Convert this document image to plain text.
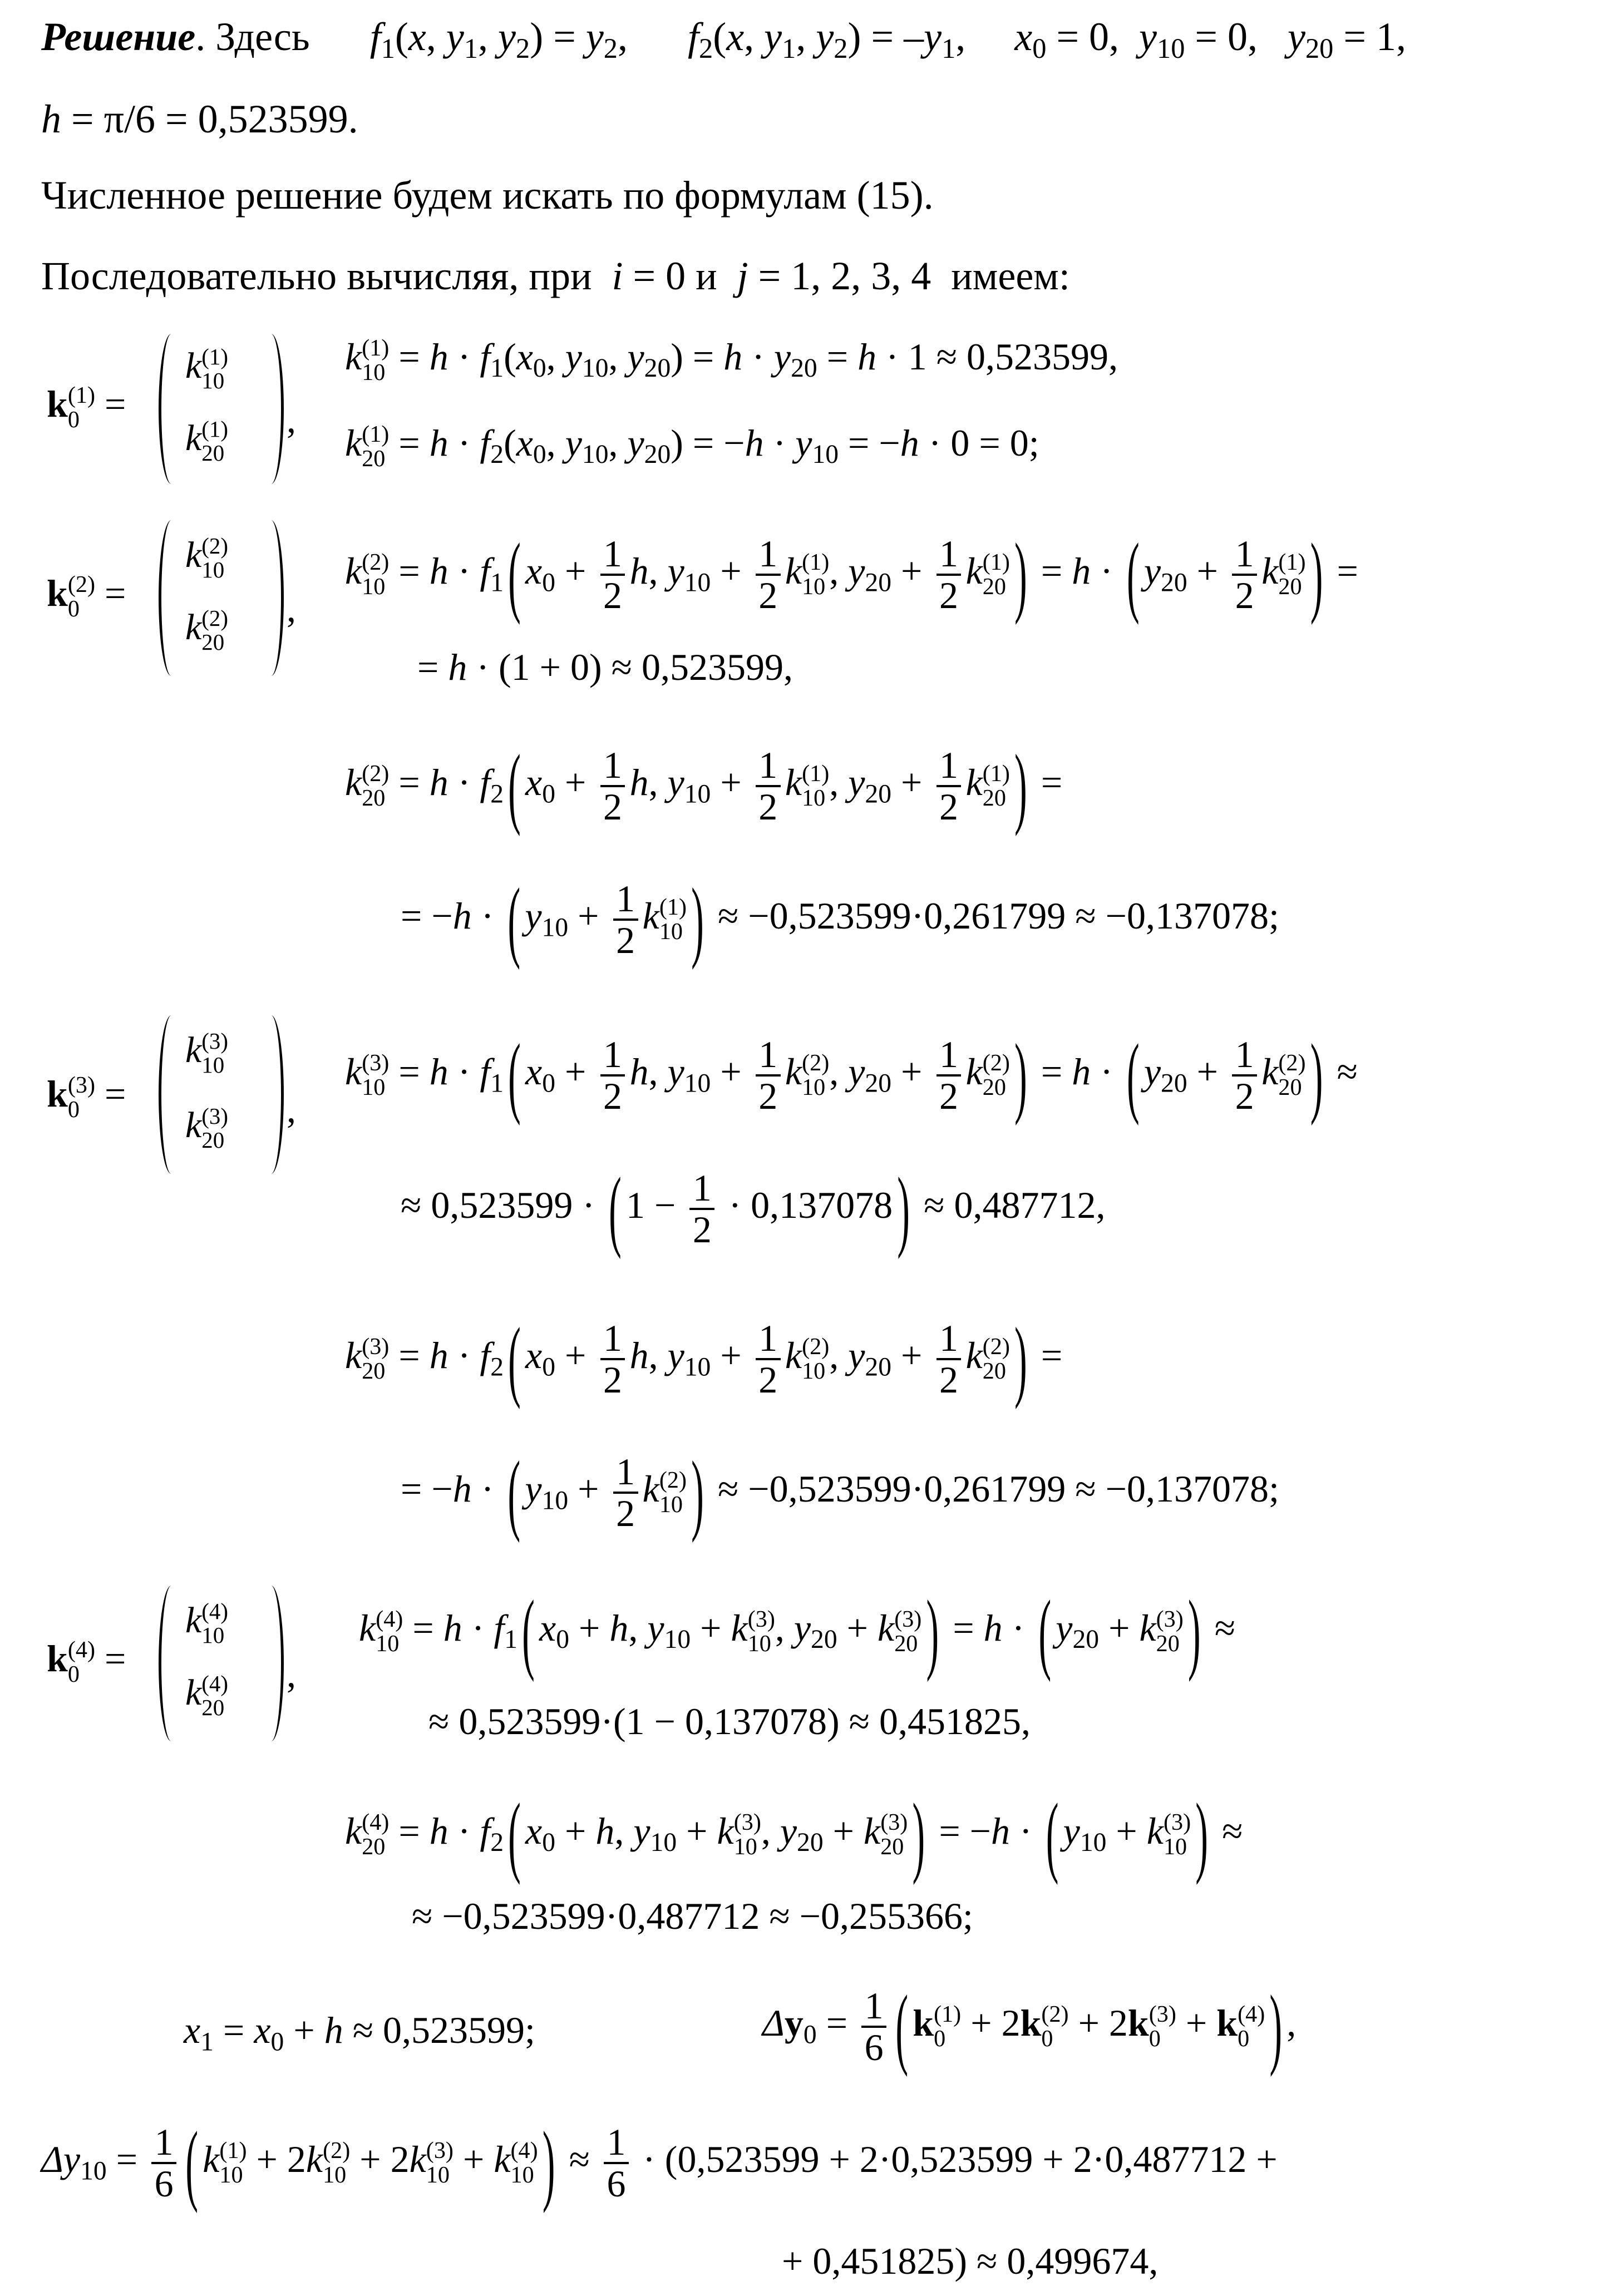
Решение. Здесь $f_1(x$, $y_1$, $y_2) = y_2$, $f_2(x$, $y_1$, $y_2) = -y_1$, $x_0 = 0$,  $y_{10} = 0$,   $y_{20} = 1$,
h = π/6 = 0,523599.
Численное решение будем искать по формулам (15).
Последовательно вычисляя, при i = 0 и  j = 1, 2, 3, 4  имеем:
k (1)
0 =
k (1)
10
k (1)
20
,
k (1)
$10 = h \cdot f_1(x_0$, $y_{10}$, $y_{20}) = h \cdot y_{20} = h \cdot 1 \approx 0,523599$,
k (1)
$20 = h \cdot f_2(x_0$, $y_{10}$, $y_{20}) = -h \cdot y_{10} = -h \cdot 0 = 0$;
k (2)
0 =
k (2)
10
k (2)
20
,
k (2)
$10 = h \cdot f_1$ ( $x_0 + \frac{1}{2} h$, $y_{10} + \frac{1}{2}$ k (1)
10 , $y_{20} + \frac{1}{2}$ k (1)
20 ) = h · ( $y_{20} + \frac{1}{2}$ k (1)
20 ) =
= h · (1 + 0) ≈ 0,523599,
k (2)
$20 = h \cdot f_2$ ( $x_0 + \frac{1}{2} h$, $y_{10} + \frac{1}{2}$ k (1)
10 , $y_{20} + \frac{1}{2}$ k (1)
20 ) =
= −h · ( $y_{10} + \frac{1}{2}$ k (1)
10 ) ≈ −0,523599·0,261799 ≈ −0,137078;
k (3)
0 =
k (3)
10
k (3)
20
,
k (3)
$10 = h \cdot f_1$ ( $x_0 + \frac{1}{2} h$, $y_{10} + \frac{1}{2}$ k (2)
10 , $y_{20} + \frac{1}{2}$ k (2)
20 ) = h · ( $y_{20} + \frac{1}{2}$ k (2)
20 ) ≈
≈ 0,523599 · ( $1 - \frac{1}{2} \cdot 0,137078$ ) ≈ 0,487712,
k (3)
$20 = h \cdot f_2$ ( $x_0 + \frac{1}{2} h$, $y_{10} + \frac{1}{2}$ k (2)
10 , $y_{20} + \frac{1}{2}$ k (2)
20 ) =
= −h · ( $y_{10} + \frac{1}{2}$ k (2)
10 ) ≈ −0,523599·0,261799 ≈ −0,137078;
k (4)
0 =
k (4)
10
k (4)
20
,
k (4)
$10 = h \cdot f_1$ ( $x_0 + h$, $y_{10} + k$ (3)
10 , $y_{20} + k$ (3)
20 ) = h · ( $y_{20} + k$ (3)
20 ) ≈
≈ 0,523599·(1 − 0,137078) ≈ 0,451825,
k (4)
$20 = h \cdot f_2$ ( $x_0 + h$, $y_{10} + k$ (3)
10 , $y_{20} + k$ (3)
20 ) = −h · ( $y_{10} + k$ (3)
10 ) ≈
≈ −0,523599·0,487712 ≈ −0,255366;
$x_1 = x_0 + h \approx 0,523599$;	$\Delta y_0 = \frac{1}{6}$ ( k (1)
0 + 2k (2)
0 + 2k (3)
0 + k (4)
0 ) ,
$\Delta y_{10} = \frac{1}{6}$ ( k (1)
10 + 2k (2)
10 + 2k (3)
10 + k (4)
10 ) ≈ $\frac{1}{6} \cdot (0,523599 + 2\cdot 0,523599 + 2\cdot 0,487712$ +
+ 0,451825) ≈ 0,499674,
